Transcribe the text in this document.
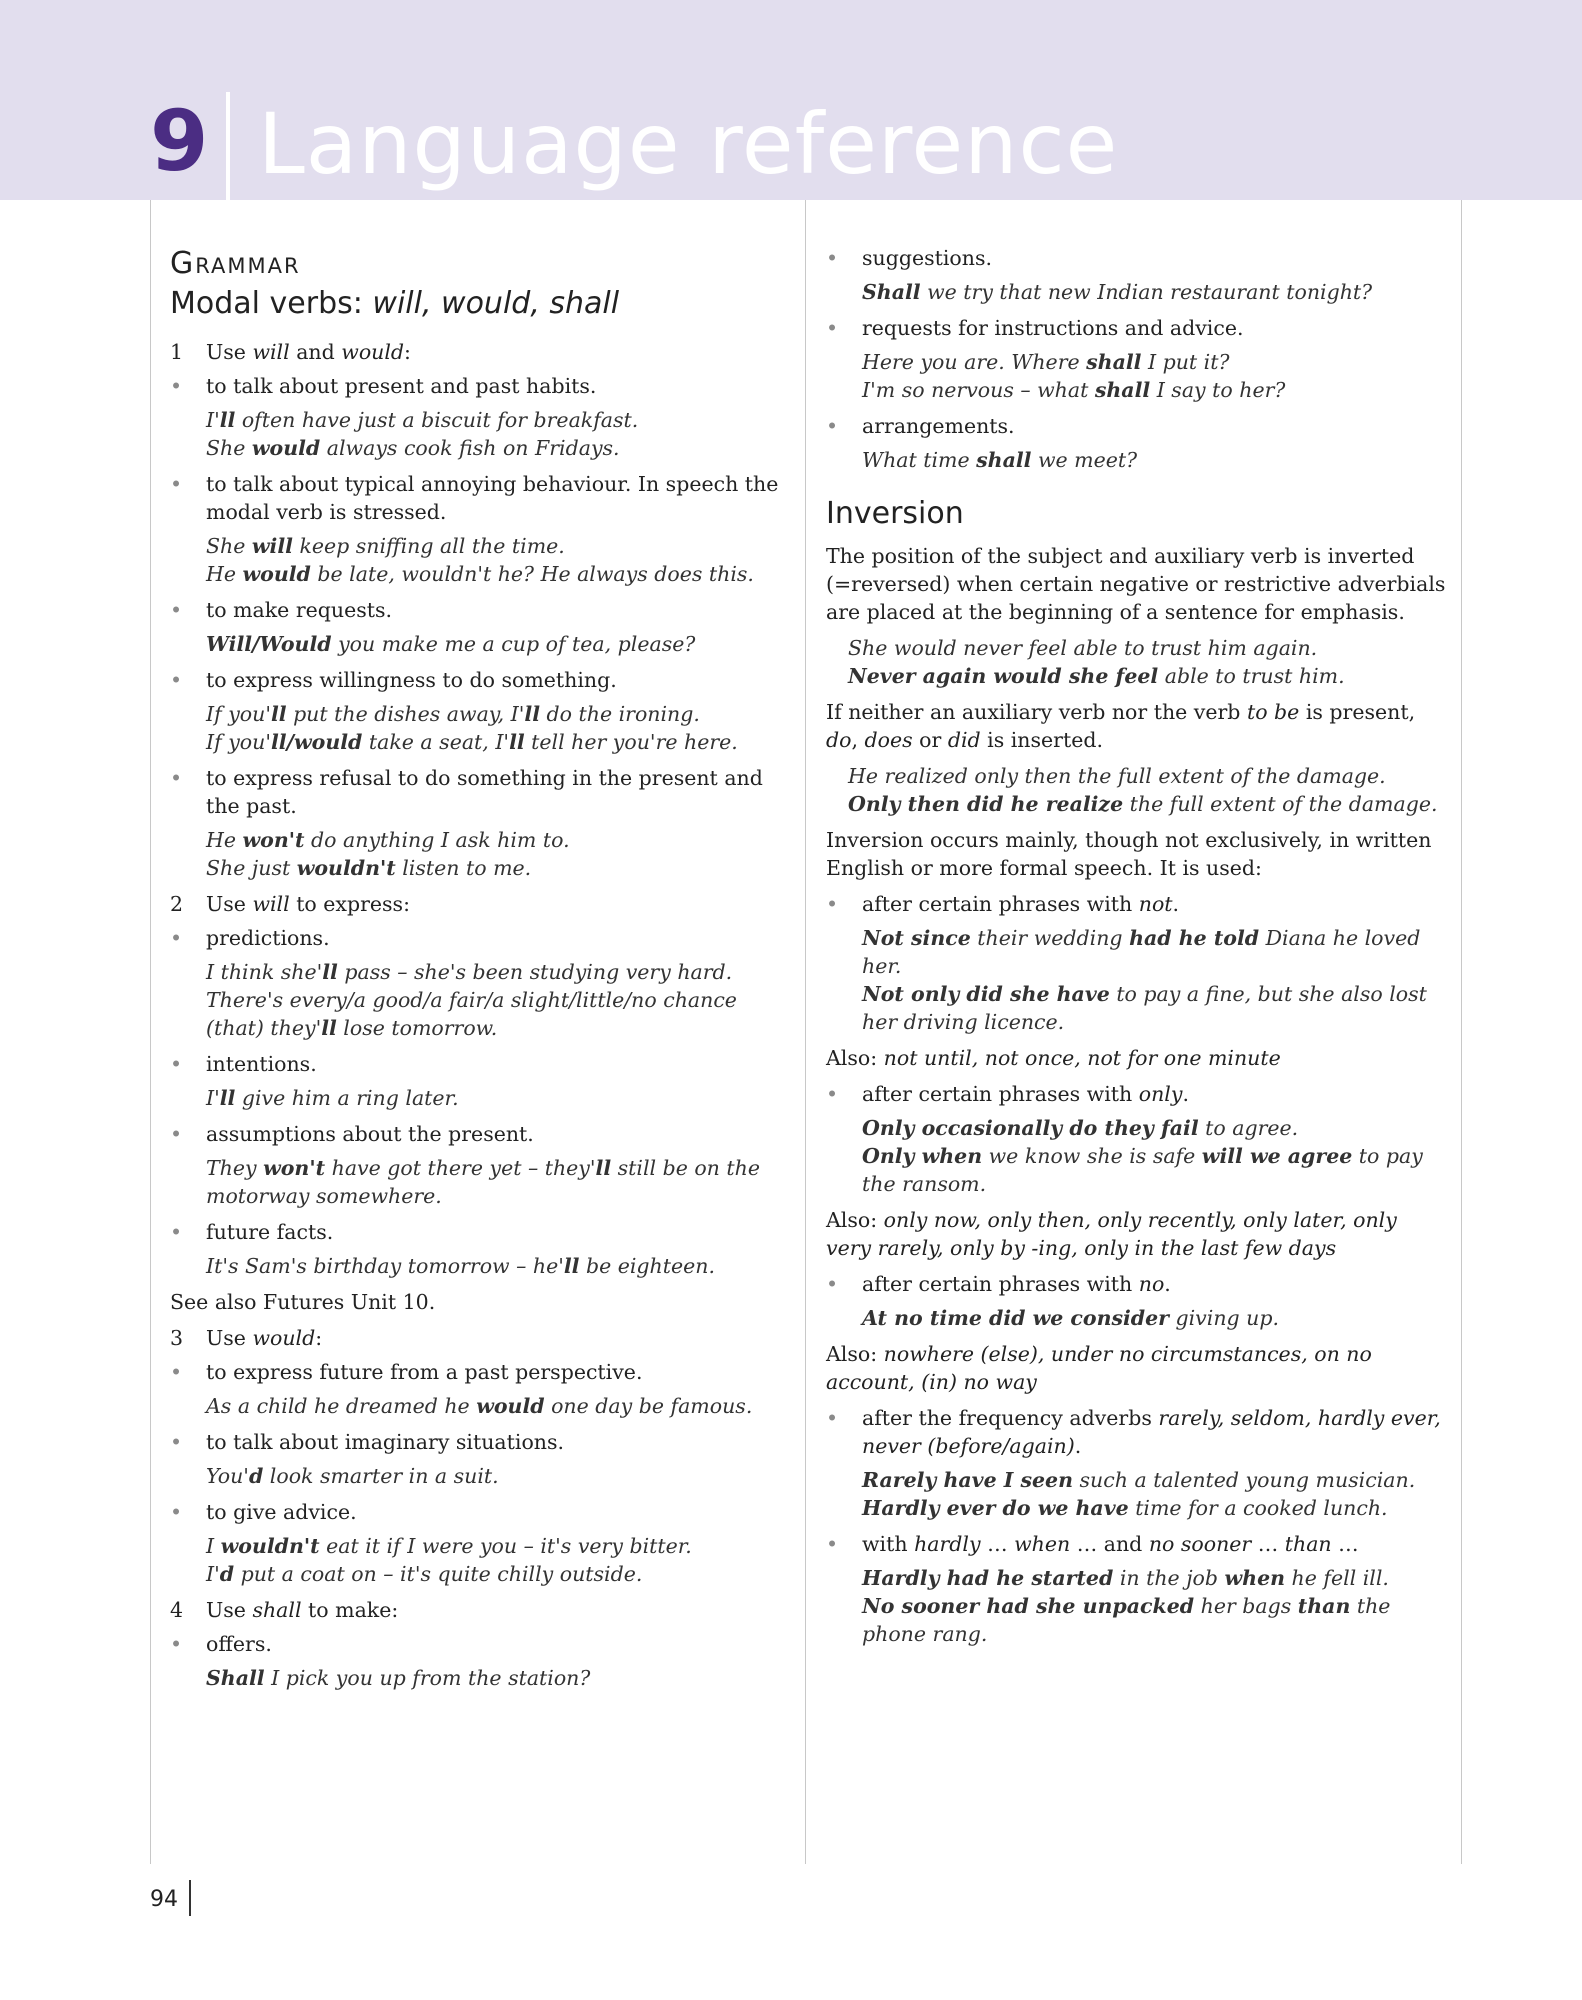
9 Language reference
Grammar
Modal verbs: will, would, shall
1	Use will and would:
•	to talk about present and past habits.
I'll often have just a biscuit for breakfast.
She would always cook fish on Fridays.
•	to talk about typical annoying behaviour. In speech the modal verb is stressed.
She will keep sniffing all the time.
He would be late, wouldn't he? He always does this.
•	to make requests.
Will/Would you make me a cup of tea, please?
•	to express willingness to do something.
If you'll put the dishes away, I'll do the ironing.
If you'll/would take a seat, I'll tell her you're here.
•	to express refusal to do something in the present and the past.
He won't do anything I ask him to.
She just wouldn't listen to me.
2	Use will to express:
•	predictions.
I think she'll pass – she's been studying very hard.
There's every/a good/a fair/a slight/little/no chance (that) they'll lose tomorrow.
•	intentions.
I'll give him a ring later.
•	assumptions about the present.
They won't have got there yet – they'll still be on the motorway somewhere.
•	future facts.
It's Sam's birthday tomorrow – he'll be eighteen.
See also Futures Unit 10.
3	Use would:
•	to express future from a past perspective.
As a child he dreamed he would one day be famous.
•	to talk about imaginary situations.
You'd look smarter in a suit.
•	to give advice.
I wouldn't eat it if I were you – it's very bitter.
I'd put a coat on – it's quite chilly outside.
4	Use shall to make:
•	offers.
Shall I pick you up from the station?
•	suggestions.
Shall we try that new Indian restaurant tonight?
•	requests for instructions and advice.
Here you are. Where shall I put it?
I'm so nervous – what shall I say to her?
•	arrangements.
What time shall we meet?
Inversion
The position of the subject and auxiliary verb is inverted (=reversed) when certain negative or restrictive adverbials are placed at the beginning of a sentence for emphasis.
She would never feel able to trust him again.
Never again would she feel able to trust him.
If neither an auxiliary verb nor the verb to be is present, do, does or did is inserted.
He realized only then the full extent of the damage.
Only then did he realize the full extent of the damage.
Inversion occurs mainly, though not exclusively, in written English or more formal speech. It is used:
•	after certain phrases with not.
Not since their wedding had he told Diana he loved her.
Not only did she have to pay a fine, but she also lost her driving licence.
Also: not until, not once, not for one minute
•	after certain phrases with only.
Only occasionally do they fail to agree.
Only when we know she is safe will we agree to pay the ransom.
Also: only now, only then, only recently, only later, only very rarely, only by -ing, only in the last few days
•	after certain phrases with no.
At no time did we consider giving up.
Also: nowhere (else), under no circumstances, on no account, (in) no way
•	after the frequency adverbs rarely, seldom, hardly ever, never (before/again).
Rarely have I seen such a talented young musician.
Hardly ever do we have time for a cooked lunch.
•	with hardly … when … and no sooner … than …
Hardly had he started in the job when he fell ill.
No sooner had she unpacked her bags than the phone rang.
94
